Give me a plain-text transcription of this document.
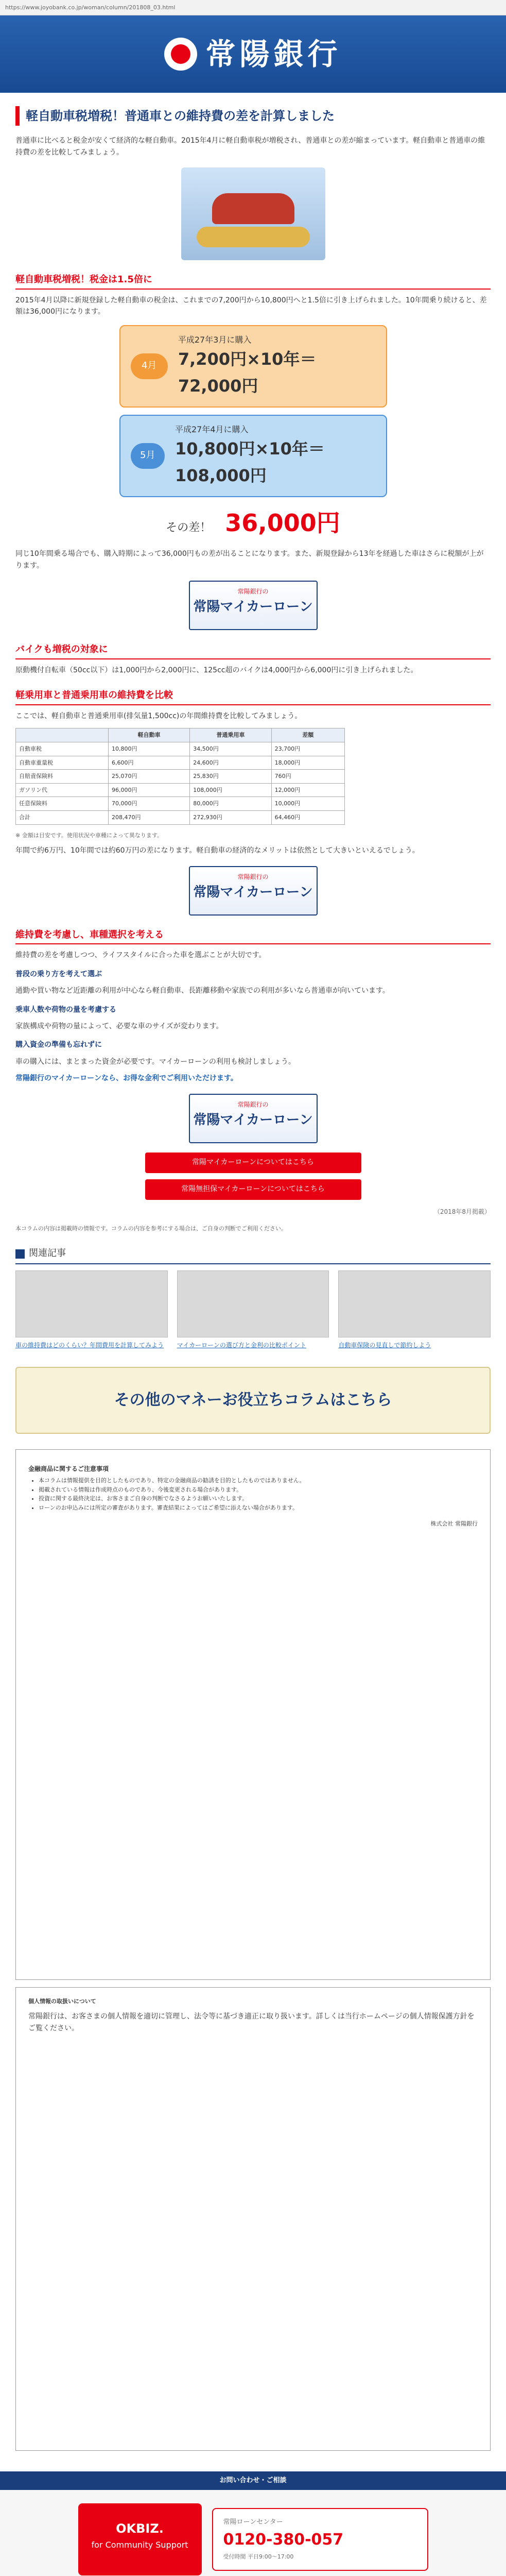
https://www.joyobank.co.jp/woman/column/201808_03.html
常陽銀行
軽自動車税増税！普通車との維持費の差を計算しました

普通車に比べると税金が安くて経済的な軽自動車。2015年4月に軽自動車税が増税され、普通車との差が縮まっています。軽自動車と普通車の維持費の差を比較してみましょう。

軽自動車税増税！税金は1.5倍に

2015年4月以降に新規登録した軽自動車の税金は、これまでの7,200円から10,800円へと1.5倍に引き上げられました。10年間乗り続けると、差額は36,000円になります。

4月
平成27年3月に購入
7,200円×10年＝72,000円
5月
平成27年4月に購入
10,800円×10年＝108,000円
その差！ 36,000円

同じ10年間乗る場合でも、購入時期によって36,000円もの差が出ることになります。また、新規登録から13年を経過した車はさらに税額が上がります。

常陽銀行の
常陽マイカーローン
バイクも増税の対象に

原動機付自転車（50cc以下）は1,000円から2,000円に、125cc超のバイクは4,000円から6,000円に引き上げられました。

軽乗用車と普通乗用車の維持費を比較

ここでは、軽自動車と普通乗用車(排気量1,500cc)の年間維持費を比較してみましょう。

	軽自動車	普通乗用車	差額
自動車税	10,800円	34,500円	23,700円
自動車重量税	6,600円	24,600円	18,000円
自賠責保険料	25,070円	25,830円	760円
ガソリン代	96,000円	108,000円	12,000円
任意保険料	70,000円	80,000円	10,000円
合計	208,470円	272,930円	64,460円
※ 金額は目安です。使用状況や車種によって異なります。

年間で約6万円、10年間では約60万円の差になります。軽自動車の経済的なメリットは依然として大きいといえるでしょう。

常陽銀行の
常陽マイカーローン
維持費を考慮し、車種選択を考える

維持費の差を考慮しつつ、ライフスタイルに合った車を選ぶことが大切です。

普段の乗り方を考えて選ぶ

通勤や買い物など近距離の利用が中心なら軽自動車、長距離移動や家族での利用が多いなら普通車が向いています。

乗車人数や荷物の量を考慮する

家族構成や荷物の量によって、必要な車のサイズが変わります。

購入資金の準備も忘れずに

車の購入には、まとまった資金が必要です。マイカーローンの利用も検討しましょう。

常陽銀行のマイカーローンなら、お得な金利でご利用いただけます。

常陽銀行の
常陽マイカーローン
常陽マイカーローンについてはこちら
常陽無担保マイカーローンについてはこちら
（2018年8月掲載）
本コラムの内容は掲載時の情報です。コラムの内容を参考にする場合は、ご自身の判断でご利用ください。
関連記事
車の維持費はどのくらい？年間費用を計算してみよう	マイカーローンの選び方と金利の比較ポイント	自動車保険の見直しで節約しよう
その他のマネーお役立ちコラムはこちら
金融商品に関するご注意事項
• 本コラムは情報提供を目的としたものであり、特定の金融商品の勧誘を目的としたものではありません。
• 掲載されている情報は作成時点のものであり、今後変更される場合があります。
• 投資に関する最終決定は、お客さまご自身の判断でなさるようお願いいたします。
• ローンのお申込みには所定の審査があります。審査結果によってはご希望に添えない場合があります。
株式会社 常陽銀行
個人情報の取扱いについて

常陽銀行は、お客さまの個人情報を適切に管理し、法令等に基づき適正に取り扱います。詳しくは当行ホームページの個人情報保護方針をご覧ください。

お問い合わせ・ご相談
OKBIZ.
for Community Support
常陽ローンセンター
0120-380-057
受付時間 平日9:00～17:00
